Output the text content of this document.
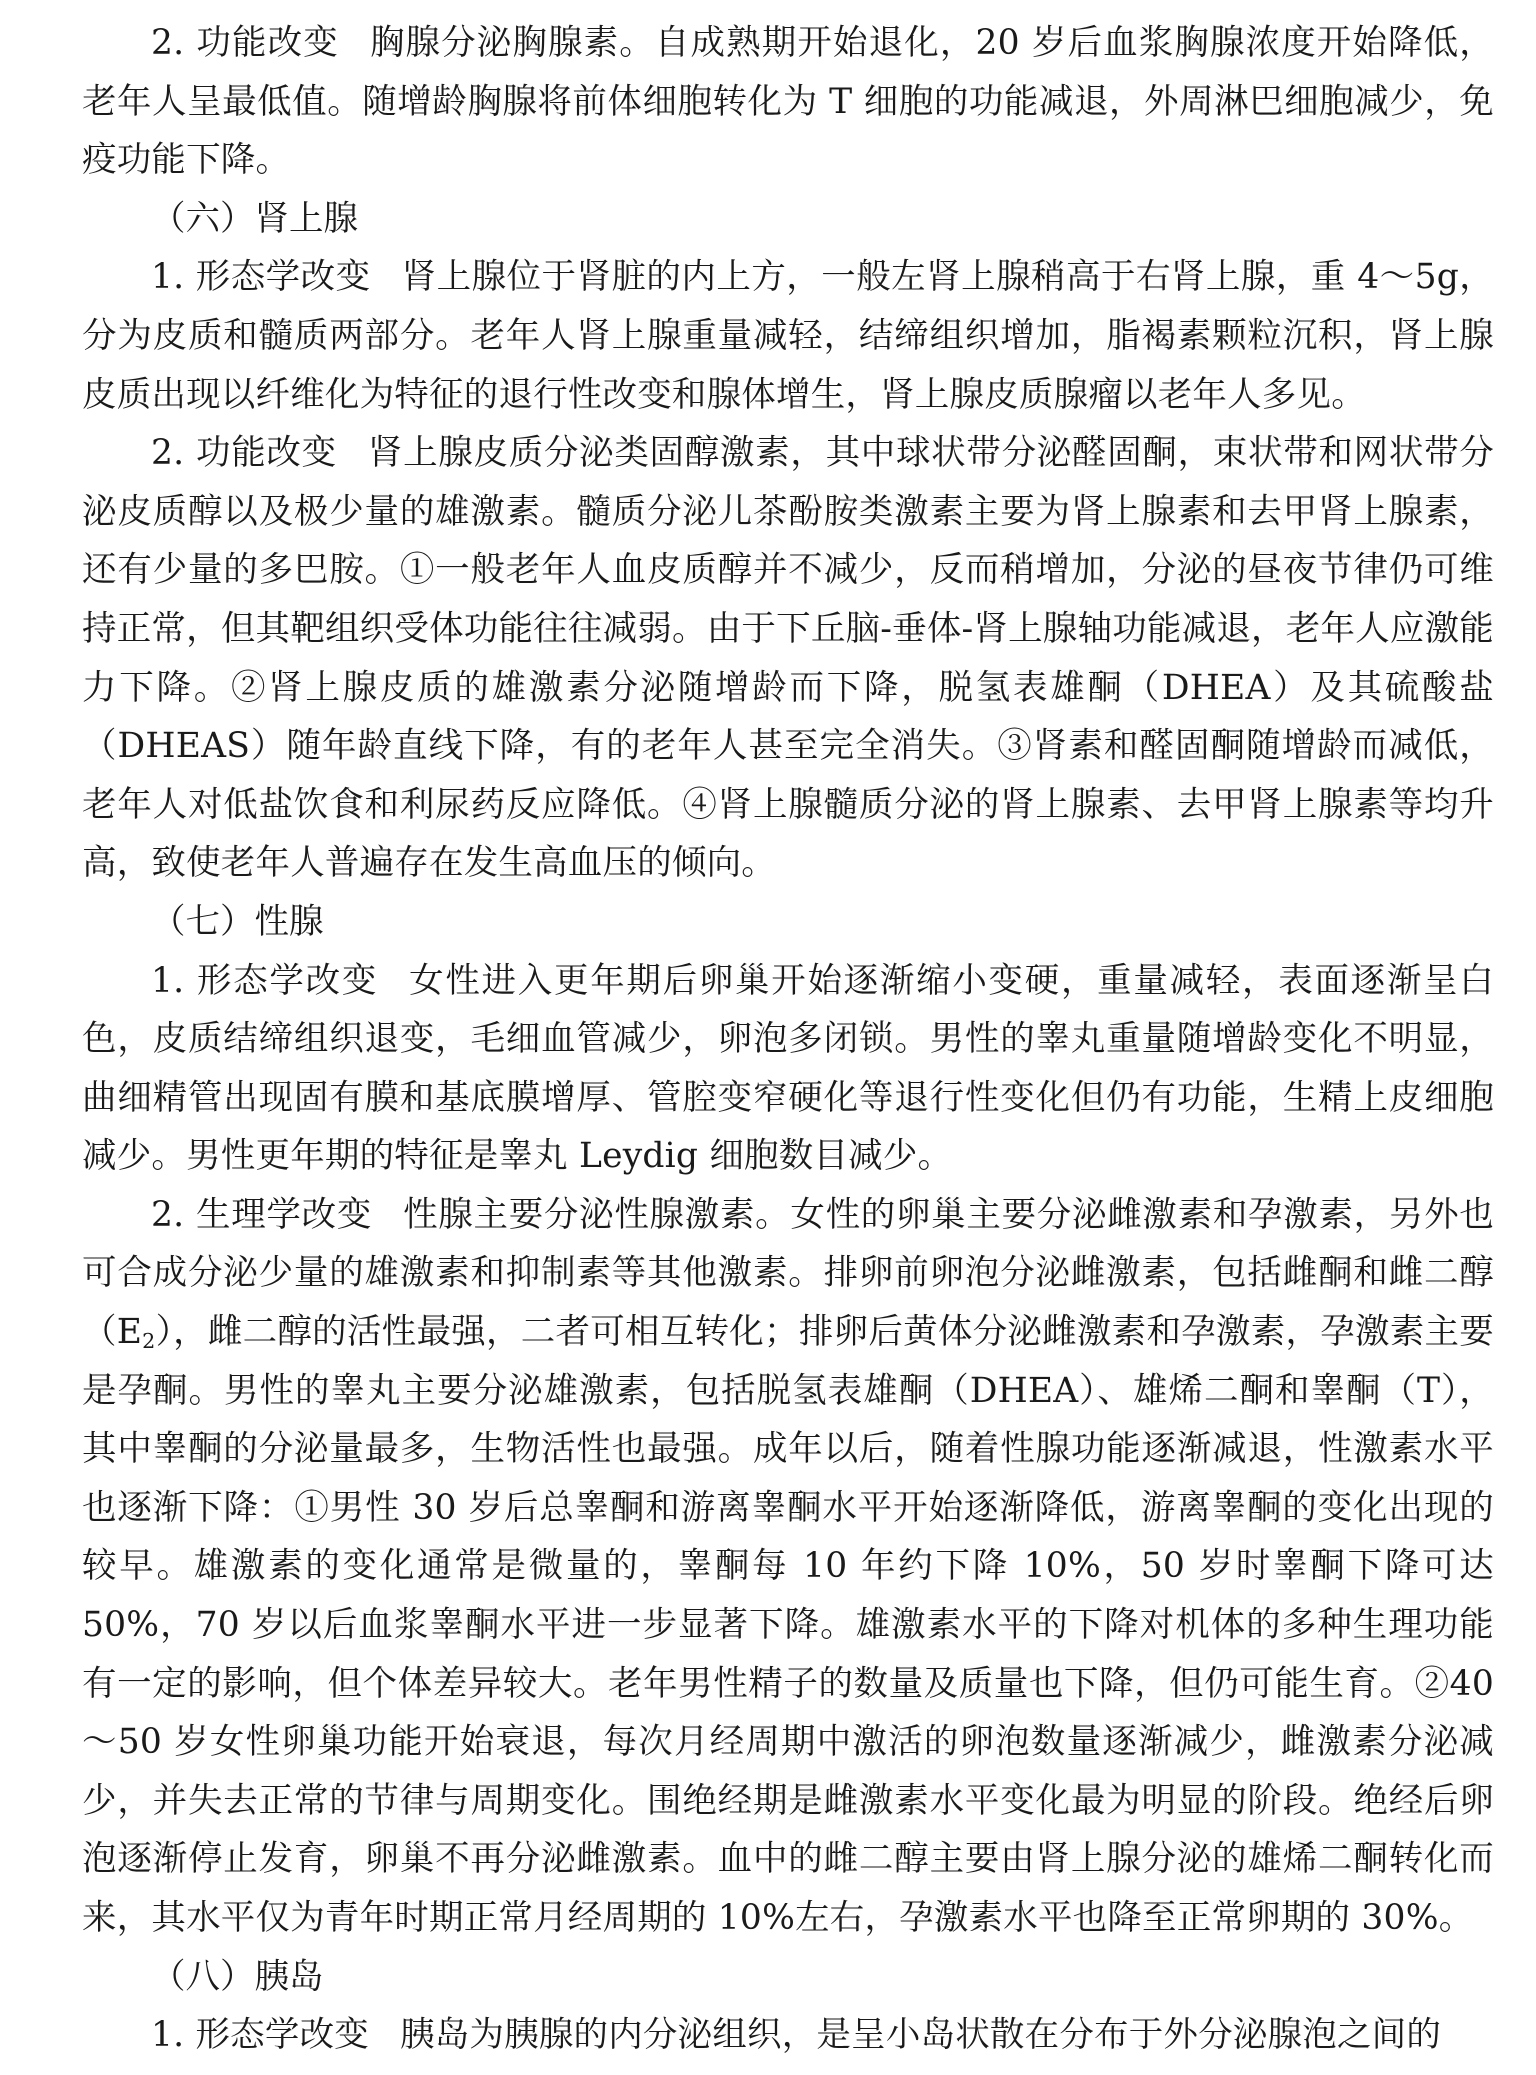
2. 功能改变 胸腺分泌胸腺素。自成熟期开始退化，20 岁后血浆胸腺浓度开始降低，老年人呈最低值。随增龄胸腺将前体细胞转化为 T 细胞的功能减退，外周淋巴细胞减少，免疫功能下降。

（六）肾上腺

1. 形态学改变 肾上腺位于肾脏的内上方，一般左肾上腺稍高于右肾上腺，重 4～5g，分为皮质和髓质两部分。老年人肾上腺重量减轻，结缔组织增加，脂褐素颗粒沉积，肾上腺皮质出现以纤维化为特征的退行性改变和腺体增生，肾上腺皮质腺瘤以老年人多见。

2. 功能改变 肾上腺皮质分泌类固醇激素，其中球状带分泌醛固酮，束状带和网状带分泌皮质醇以及极少量的雄激素。髓质分泌儿茶酚胺类激素主要为肾上腺素和去甲肾上腺素，还有少量的多巴胺。①一般老年人血皮质醇并不减少，反而稍增加，分泌的昼夜节律仍可维持正常，但其靶组织受体功能往往减弱。由于下丘脑-垂体-肾上腺轴功能减退，老年人应激能力下降。②肾上腺皮质的雄激素分泌随增龄而下降，脱氢表雄酮（DHEA）及其硫酸盐（DHEAS）随年龄直线下降，有的老年人甚至完全消失。③肾素和醛固酮随增龄而减低，老年人对低盐饮食和利尿药反应降低。④肾上腺髓质分泌的肾上腺素、去甲肾上腺素等均升高，致使老年人普遍存在发生高血压的倾向。

（七）性腺

1. 形态学改变 女性进入更年期后卵巢开始逐渐缩小变硬，重量减轻，表面逐渐呈白色，皮质结缔组织退变，毛细血管减少，卵泡多闭锁。男性的睾丸重量随增龄变化不明显，曲细精管出现固有膜和基底膜增厚、管腔变窄硬化等退行性变化但仍有功能，生精上皮细胞减少。男性更年期的特征是睾丸 Leydig 细胞数目减少。

2. 生理学改变 性腺主要分泌性腺激素。女性的卵巢主要分泌雌激素和孕激素，另外也可合成分泌少量的雄激素和抑制素等其他激素。排卵前卵泡分泌雌激素，包括雌酮和雌二醇$(E_2)$，雌二醇的活性最强，二者可相互转化；排卵后黄体分泌雌激素和孕激素，孕激素主要是孕酮。男性的睾丸主要分泌雄激素，包括脱氢表雄酮（DHEA）、雄烯二酮和睾酮（T），其中睾酮的分泌量最多，生物活性也最强。成年以后，随着性腺功能逐渐减退，性激素水平也逐渐下降：①男性 30 岁后总睾酮和游离睾酮水平开始逐渐降低，游离睾酮的变化出现的较早。雄激素的变化通常是微量的，睾酮每 10 年约下降 10%，50 岁时睾酮下降可达 50%，70 岁以后血浆睾酮水平进一步显著下降。雄激素水平的下降对机体的多种生理功能有一定的影响，但个体差异较大。老年男性精子的数量及质量也下降，但仍可能生育。②40～50 岁女性卵巢功能开始衰退，每次月经周期中激活的卵泡数量逐渐减少，雌激素分泌减少，并失去正常的节律与周期变化。围绝经期是雌激素水平变化最为明显的阶段。绝经后卵泡逐渐停止发育，卵巢不再分泌雌激素。血中的雌二醇主要由肾上腺分泌的雄烯二酮转化而来，其水平仅为青年时期正常月经周期的 10%左右，孕激素水平也降至正常卵期的 30%。

（八）胰岛

1. 形态学改变 胰岛为胰腺的内分泌组织，是呈小岛状散在分布于外分泌腺泡之间的
